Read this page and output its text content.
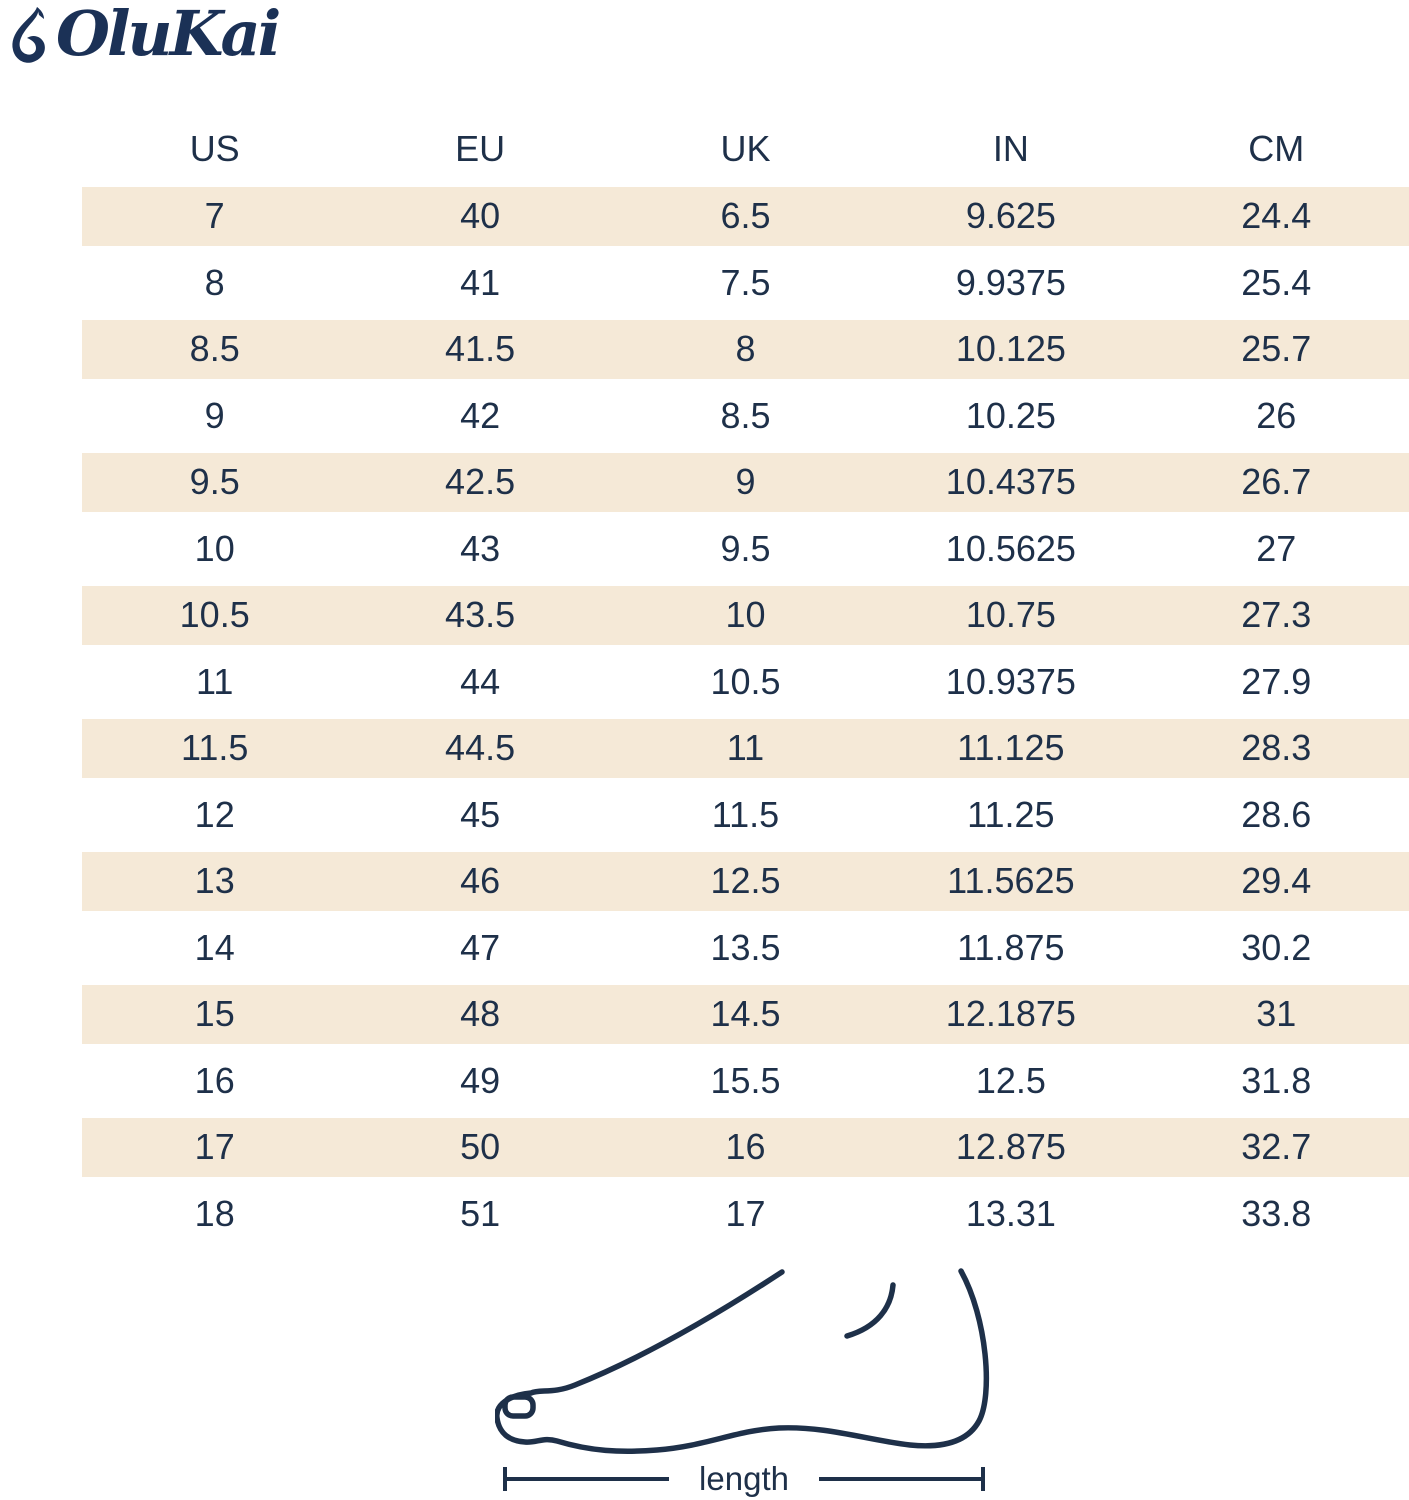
OluKai
US	EU	UK	IN	CM
7	40	6.5	9.625	24.4
8	41	7.5	9.9375	25.4
8.5	41.5	8	10.125	25.7
9	42	8.5	10.25	26
9.5	42.5	9	10.4375	26.7
10	43	9.5	10.5625	27
10.5	43.5	10	10.75	27.3
11	44	10.5	10.9375	27.9
11.5	44.5	11	11.125	28.3
12	45	11.5	11.25	28.6
13	46	12.5	11.5625	29.4
14	47	13.5	11.875	30.2
15	48	14.5	12.1875	31
16	49	15.5	12.5	31.8
17	50	16	12.875	32.7
18	51	17	13.31	33.8
length
